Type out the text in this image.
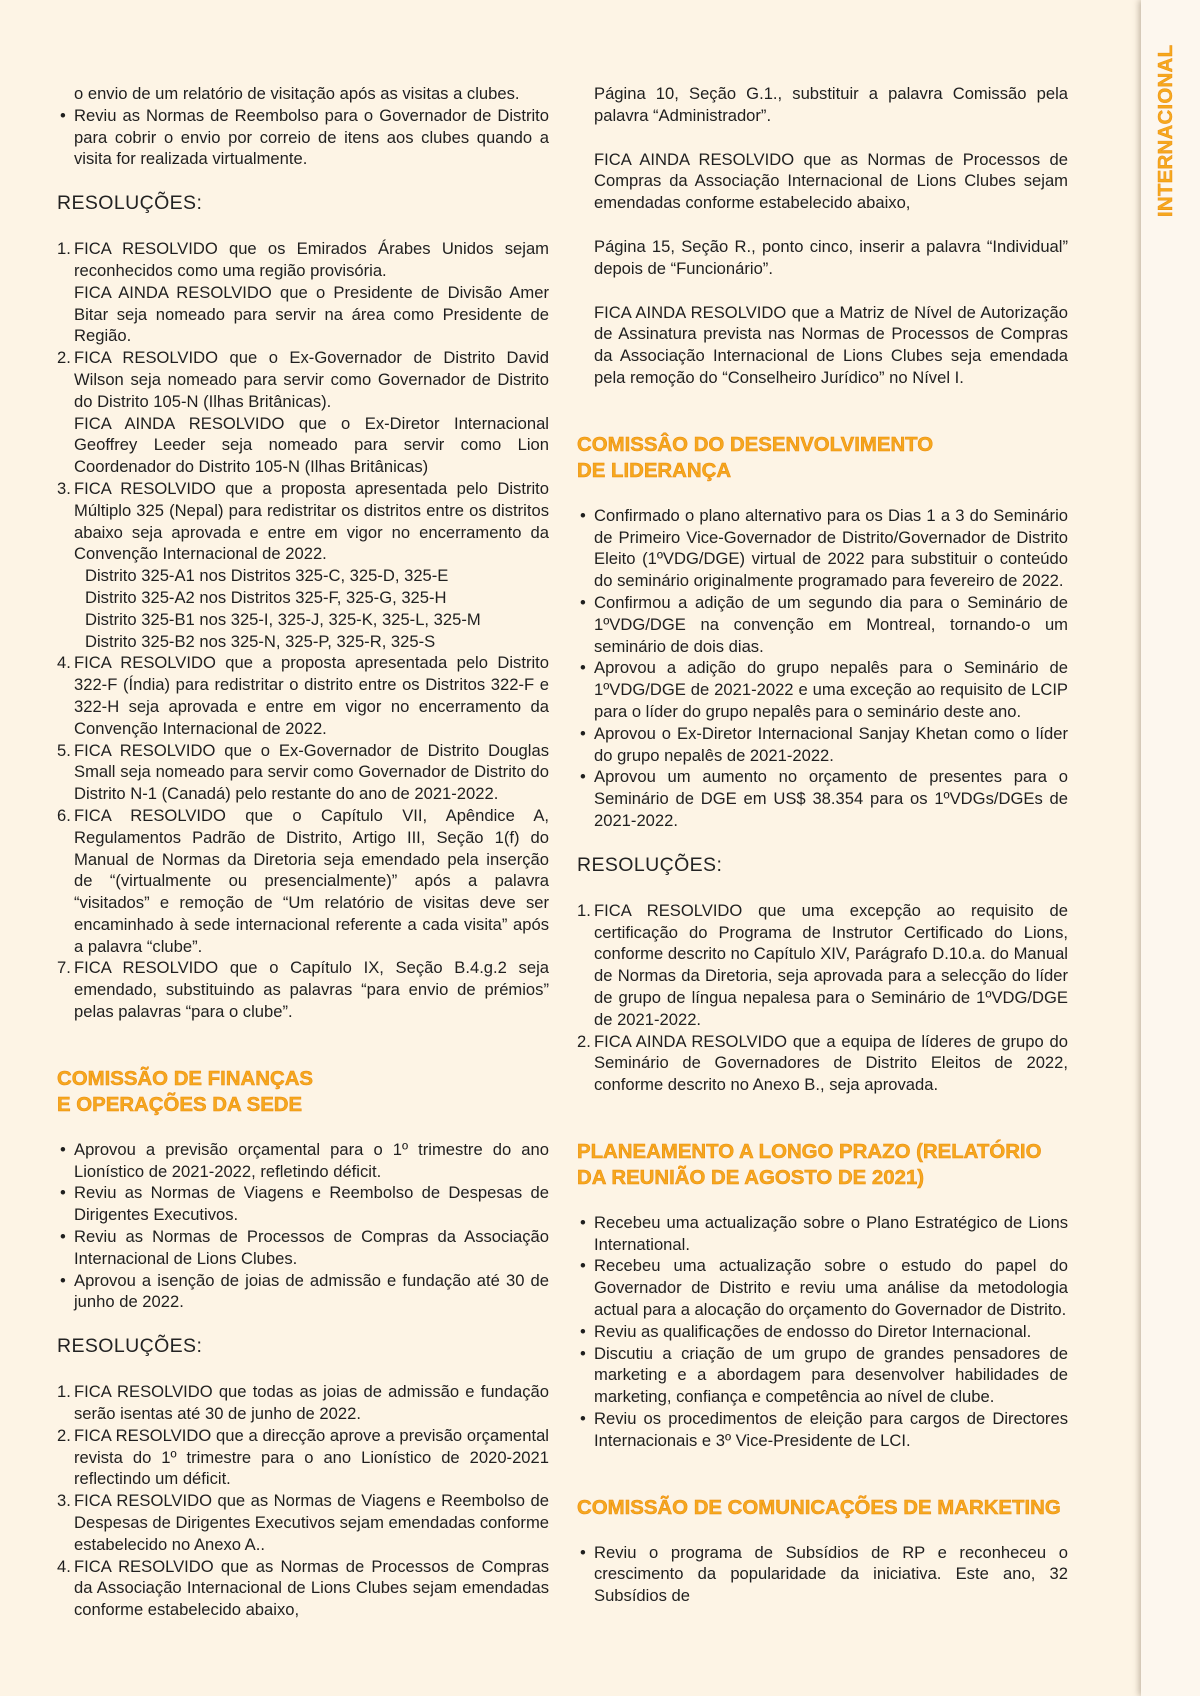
INTERNACIONAL
o envio de um relatório de visitação após as visitas a clubes.
• Reviu as Normas de Reembolso para o Governador de Distrito para cobrir o envio por correio de itens aos clubes quando a visita for realizada virtualmente.
RESOLUÇÕES:
1. FICA RESOLVIDO que os Emirados Árabes Unidos sejam reconhecidos como uma região provisória.
FICA AINDA RESOLVIDO que o Presidente de Divisão Amer Bitar seja nomeado para servir na área como Presidente de Região.
2. FICA RESOLVIDO que o Ex-Governador de Distrito David Wilson seja nomeado para servir como Governador de Distrito do Distrito 105-N (Ilhas Britânicas).
FICA AINDA RESOLVIDO que o Ex-Diretor Internacional Geoffrey Leeder seja nomeado para servir como Lion Coordenador do Distrito 105-N (Ilhas Britânicas)
3. FICA RESOLVIDO que a proposta apresentada pelo Distrito Múltiplo 325 (Nepal) para redistritar os distritos entre os distritos abaixo seja aprovada e entre em vigor no encerramento da Convenção Internacional de 2022.
Distrito 325-A1 nos Distritos 325-C, 325-D, 325-E
Distrito 325-A2 nos Distritos 325-F, 325-G, 325-H
Distrito 325-B1 nos 325-I, 325-J, 325-K, 325-L, 325-M
Distrito 325-B2 nos 325-N, 325-P, 325-R, 325-S
4. FICA RESOLVIDO que a proposta apresentada pelo Distrito 322-F (Índia) para redistritar o distrito entre os Distritos 322-F e 322-H seja aprovada e entre em vigor no encerramento da Convenção Internacional de 2022.
5. FICA RESOLVIDO que o Ex-Governador de Distrito Douglas Small seja nomeado para servir como Governador de Distrito do Distrito N-1 (Canadá) pelo restante do ano de 2021-2022.
6. FICA RESOLVIDO que o Capítulo VII, Apêndice A, Regulamentos Padrão de Distrito, Artigo III, Seção 1(f) do Manual de Normas da Diretoria seja emendado pela inserção de “(virtualmente ou presencialmente)” após a palavra “visitados” e remoção de “Um relatório de visitas deve ser encaminhado à sede internacional referente a cada visita” após a palavra “clube”.
7. FICA RESOLVIDO que o Capítulo IX, Seção B.4.g.2 seja emendado, substituindo as palavras “para envio de prémios” pelas palavras “para o clube”.
COMISSÃO DE FINANÇAS
E OPERAÇÕES DA SEDE
• Aprovou a previsão orçamental para o 1º trimestre do ano Lionístico de 2021-2022, refletindo déficit.
• Reviu as Normas de Viagens e Reembolso de Despesas de Dirigentes Executivos.
• Reviu as Normas de Processos de Compras da Associação Internacional de Lions Clubes.
• Aprovou a isenção de joias de admissão e fundação até 30 de junho de 2022.
RESOLUÇÕES:
1. FICA RESOLVIDO que todas as joias de admissão e fundação serão isentas até 30 de junho de 2022.
2. FICA RESOLVIDO que a direcção aprove a previsão orçamental revista do 1º trimestre para o ano Lionístico de 2020-2021 reflectindo um déficit.
3. FICA RESOLVIDO que as Normas de Viagens e Reembolso de Despesas de Dirigentes Executivos sejam emendadas conforme estabelecido no Anexo A..
4. FICA RESOLVIDO que as Normas de Processos de Compras da Associação Internacional de Lions Clubes sejam emendadas conforme estabelecido abaixo,
Página 10, Seção G.1., substituir a palavra Comissão pela palavra “Administrador”.
FICA AINDA RESOLVIDO que as Normas de Processos de Compras da Associação Internacional de Lions Clubes sejam emendadas conforme estabelecido abaixo,
Página 15, Seção R., ponto cinco, inserir a palavra “Individual” depois de “Funcionário”.
FICA AINDA RESOLVIDO que a Matriz de Nível de Autorização de Assinatura prevista nas Normas de Processos de Compras da Associação Internacional de Lions Clubes seja emendada pela remoção do “Conselheiro Jurídico” no Nível I.
COMISSÂO DO DESENVOLVIMENTO
DE LIDERANÇA
• Confirmado o plano alternativo para os Dias 1 a 3 do Seminário de Primeiro Vice-Governador de Distrito/Governador de Distrito Eleito (1ºVDG/DGE) virtual de 2022 para substituir o conteúdo do seminário originalmente programado para fevereiro de 2022.
• Confirmou a adição de um segundo dia para o Seminário de 1ºVDG/DGE na convenção em Montreal, tornando-o um seminário de dois dias.
• Aprovou a adição do grupo nepalês para o Seminário de 1ºVDG/DGE de 2021-2022 e uma exceção ao requisito de LCIP para o líder do grupo nepalês para o seminário deste ano.
• Aprovou o Ex-Diretor Internacional Sanjay Khetan como o líder do grupo nepalês de 2021-2022.
• Aprovou um aumento no orçamento de presentes para o Seminário de DGE em US$ 38.354 para os 1ºVDGs/DGEs de 2021-2022.
RESOLUÇÕES:
1. FICA RESOLVIDO que uma excepção ao requisito de certificação do Programa de Instrutor Certificado do Lions, conforme descrito no Capítulo XIV, Parágrafo D.10.a. do Manual de Normas da Diretoria, seja aprovada para a selecção do líder de grupo de língua nepalesa para o Seminário de 1ºVDG/DGE de 2021-2022.
2. FICA AINDA RESOLVIDO que a equipa de líderes de grupo do Seminário de Governadores de Distrito Eleitos de 2022, conforme descrito no Anexo B., seja aprovada.
PLANEAMENTO A LONGO PRAZO (RELATÓRIO
DA REUNIÃO DE AGOSTO DE 2021)
• Recebeu uma actualização sobre o Plano Estratégico de Lions International.
• Recebeu uma actualização sobre o estudo do papel do Governador de Distrito e reviu uma análise da metodologia actual para a alocação do orçamento do Governador de Distrito.
• Reviu as qualificações de endosso do Diretor Internacional.
• Discutiu a criação de um grupo de grandes pensadores de marketing e a abordagem para desenvolver habilidades de marketing, confiança e competência ao nível de clube.
• Reviu os procedimentos de eleição para cargos de Directores Internacionais e 3º Vice-Presidente de LCI.
COMISSÃO DE COMUNICAÇÕES DE MARKETING
• Reviu o programa de Subsídios de RP e reconheceu o crescimento da popularidade da iniciativa. Este ano, 32 Subsídios de
